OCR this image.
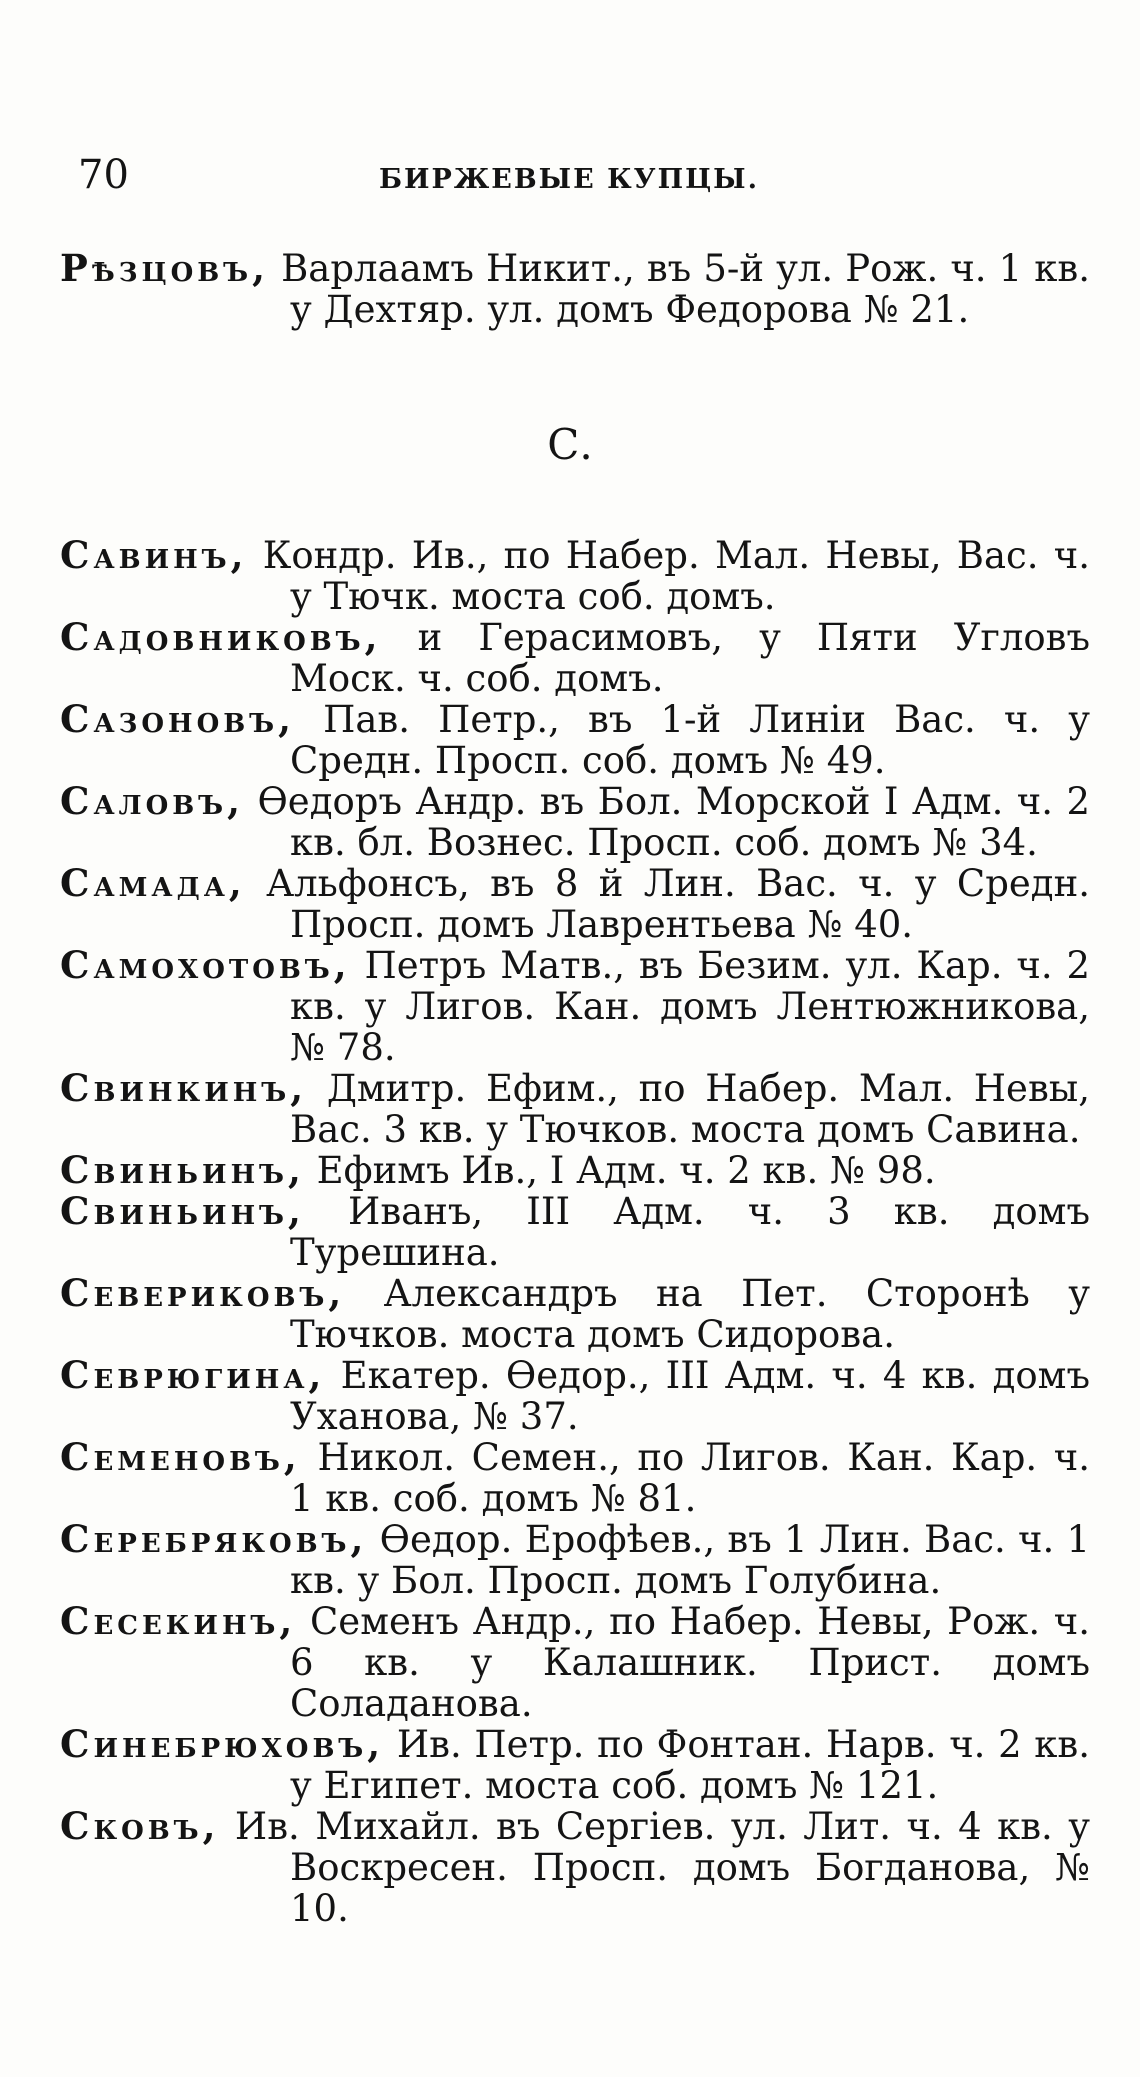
70	БИРЖЕВЫЕ КУПЦЫ.

Рѣзцовъ, Варлаамъ Никит., въ 5-й ул. Рож. ч. 1 кв. у Дехтяр. ул. домъ Федорова № 21.

С.

Савинъ, Кондр. Ив., по Набер. Мал. Невы, Вас. ч. у Тючк. моста соб. домъ.

Садовниковъ, и Герасимовъ, у Пяти Угловъ Моск. ч. соб. домъ.

Сазоновъ, Пав. Петр., въ 1-й Линіи Вас. ч. у Средн. Просп. соб. домъ № 49.

Саловъ, Өедоръ Андр. въ Бол. Морской I Адм. ч. 2 кв. бл. Вознес. Просп. соб. домъ № 34.

Самада, Альфонсъ, въ 8 й Лин. Вас. ч. у Средн. Просп. домъ Лаврентьева № 40.

Самохотовъ, Петръ Матв., въ Безим. ул. Кар. ч. 2 кв. у Лигов. Кан. домъ Лентюжникова, № 78.

Свинкинъ, Дмитр. Ефим., по Набер. Мал. Невы, Вас. 3 кв. у Тючков. моста домъ Савина.

Свиньинъ, Ефимъ Ив., I Адм. ч. 2 кв. № 98.

Свиньинъ, Иванъ, III Адм. ч. 3 кв. домъ Турешина.

Севериковъ, Александръ на Пет. Сторонѣ у Тючков. моста домъ Сидорова.

Севрюгина, Екатер. Өедор., III Адм. ч. 4 кв. домъ Уханова, № 37.

Семеновъ, Никол. Семен., по Лигов. Кан. Кар. ч. 1 кв. соб. домъ № 81.

Серебряковъ, Өедор. Ерофѣев., въ 1 Лин. Вас. ч. 1 кв. у Бол. Просп. домъ Голубина.

Сесекинъ, Семенъ Андр., по Набер. Невы, Рож. ч. 6 кв. у Калашник. Прист. домъ Соладанова.

Синебрюховъ, Ив. Петр. по Фонтан. Нарв. ч. 2 кв. у Египет. моста соб. домъ № 121.

Сковъ, Ив. Михайл. въ Сергіев. ул. Лит. ч. 4 кв. у Воскресен. Просп. домъ Богданова, № 10.
